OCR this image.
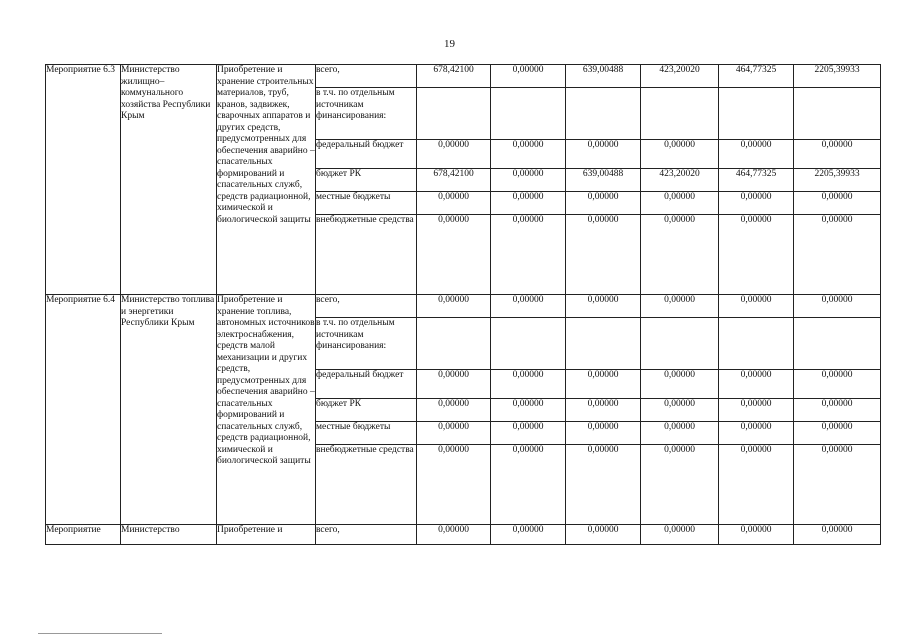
19
Мероприятие 6.3	Министерство жилищно– коммунального хозяйства Республики Крым	Приобретение и хранение строительных материалов, труб, кранов, задвижек, сварочных аппаратов и других средств, предусмотренных для обеспечения аварийно – спасательных формирований и спасательных служб, средств радиационной, химической и биологической защиты	всего,	678,42100	0,00000	639,00488	423,20020	464,77325	2205,39933
			в т.ч. по отдельным источникам финансирования:						
			федеральный бюджет	0,00000	0,00000	0,00000	0,00000	0,00000	0,00000
			бюджет РК	678,42100	0,00000	639,00488	423,20020	464,77325	2205,39933
			местные бюджеты	0,00000	0,00000	0,00000	0,00000	0,00000	0,00000
			внебюджетные средства	0,00000	0,00000	0,00000	0,00000	0,00000	0,00000
Мероприятие 6.4	Министерство топлива и энергетики Республики Крым	Приобретение и хранение топлива, автономных источников электроснабжения, средств малой механизации и других средств, предусмотренных для обеспечения аварийно – спасательных формирований и спасательных служб, средств радиационной, химической и биологической защиты	всего,	0,00000	0,00000	0,00000	0,00000	0,00000	0,00000
			в т.ч. по отдельным источникам финансирования:						
			федеральный бюджет	0,00000	0,00000	0,00000	0,00000	0,00000	0,00000
			бюджет РК	0,00000	0,00000	0,00000	0,00000	0,00000	0,00000
			местные бюджеты	0,00000	0,00000	0,00000	0,00000	0,00000	0,00000
			внебюджетные средства	0,00000	0,00000	0,00000	0,00000	0,00000	0,00000
Мероприятие	Министерство	Приобретение и	всего,	0,00000	0,00000	0,00000	0,00000	0,00000	0,00000
